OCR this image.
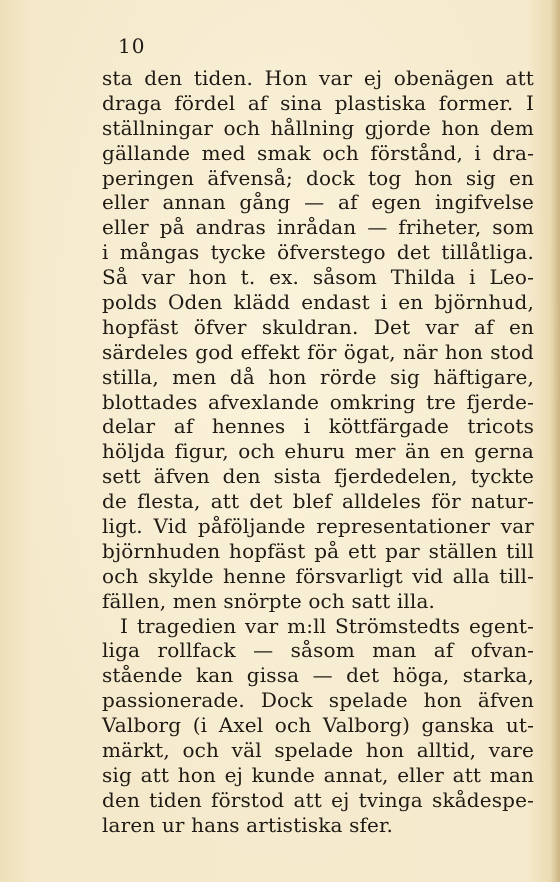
10
sta den tiden. Hon var ej obenägen att
draga fördel af sina plastiska former. I
ställningar och hållning gjorde hon dem
gällande med smak och förstånd, i dra-
peringen äfvenså; dock tog hon sig en
eller annan gång — af egen ingifvelse
eller på andras inrådan — friheter, som
i mångas tycke öfverstego det tillåtliga.
Så var hon t. ex. såsom Thilda i Leo-
polds Oden klädd endast i en björnhud,
hopfäst öfver skuldran. Det var af en
särdeles god effekt för ögat, när hon stod
stilla, men då hon rörde sig häftigare,
blottades afvexlande omkring tre fjerde-
delar af hennes i köttfärgade tricots
höljda figur, och ehuru mer än en gerna
sett äfven den sista fjerdedelen, tyckte
de flesta, att det blef alldeles för natur-
ligt. Vid påföljande representationer var
björnhuden hopfäst på ett par ställen till
och skylde henne försvarligt vid alla till-
fällen, men snörpte och satt illa.
I tragedien var m:ll Strömstedts egent-
liga rollfack — såsom man af ofvan-
stående kan gissa — det höga, starka,
passionerade. Dock spelade hon äfven
Valborg (i Axel och Valborg) ganska ut-
märkt, och väl spelade hon alltid, vare
sig att hon ej kunde annat, eller att man
den tiden förstod att ej tvinga skådespe-
laren ur hans artistiska sfer.
